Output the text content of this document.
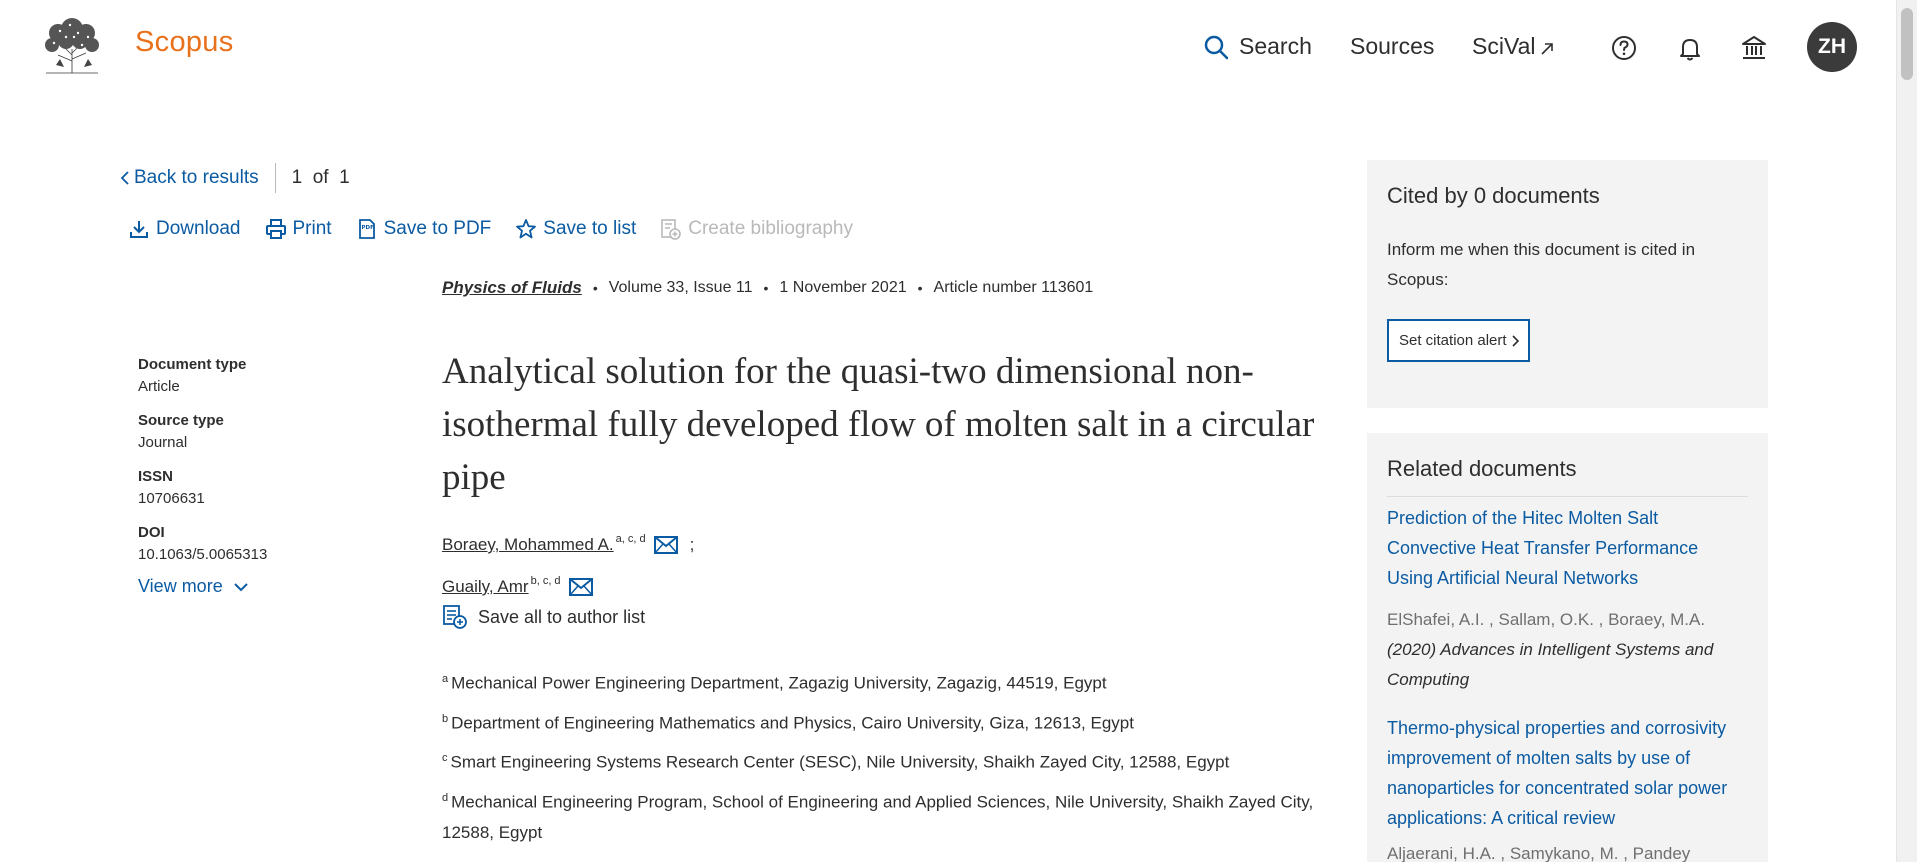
Scopus	Search Sources SciVal	ZH
Back to results 1  of  1
Download	Print	PDF Save to PDF	Save to list	Create bibliography
Physics of Fluids • Volume 33, Issue 11 • 1 November 2021 • Article number 113601
Document type
Article
Source type
Journal
ISSN
10706631
DOI
10.1063/5.0065313
View more
Analytical solution for the quasi-two dimensional non-isothermal fully developed flow of molten salt in a circular pipe
Boraey, Mohammed A. a, c, d	;
Guaily, Amr b, c, d
Save all to author list
$^a$ Mechanical Power Engineering Department, Zagazig University, Zagazig, 44519, Egypt
$^b$ Department of Engineering Mathematics and Physics, Cairo University, Giza, 12613, Egypt
$^c$ Smart Engineering Systems Research Center (SESC), Nile University, Shaikh Zayed City, 12588, Egypt
$^d$ Mechanical Engineering Program, School of Engineering and Applied Sciences, Nile University, Shaikh Zayed City, 12588, Egypt
Cited by 0 documents
Inform me when this document is cited in Scopus:
Set citation alert
Related documents
Prediction of the Hitec Molten Salt Convective Heat Transfer Performance Using Artificial Neural Networks
ElShafei, A.I. , Sallam, O.K. , Boraey, M.A.
(2020) Advances in Intelligent Systems and Computing
Thermo-physical properties and corrosivity improvement of molten salts by use of nanoparticles for concentrated solar power applications: A critical review
Aljaerani, H.A. , Samykano, M. , Pandey
